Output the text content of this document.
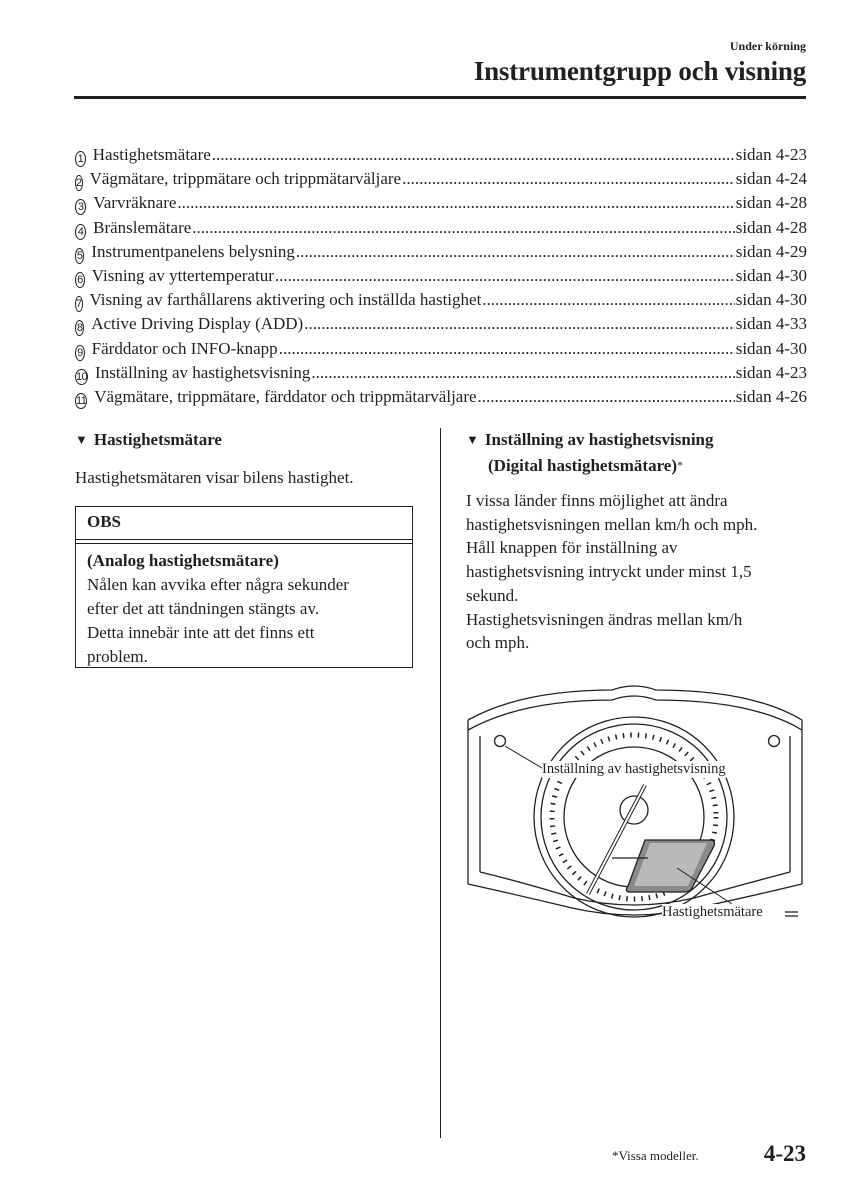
Under körning
Instrumentgrupp och visning
1 Hastighetsmätare .....	sidan 4-23
2 Vägmätare, trippmätare och trippmätarväljare .....	sidan 4-24
3 Varvräknare .....	sidan 4-28
4 Bränslemätare .....	sidan 4-28
5 Instrumentpanelens belysning .....	sidan 4-29
6 Visning av yttertemperatur .....	sidan 4-30
7 Visning av farthållarens aktivering och inställda hastighet .....	sidan 4-30
8 Active Driving Display (ADD) .....	sidan 4-33
9 Färddator och INFO-knapp .....	sidan 4-30
10 Inställning av hastighetsvisning .....	sidan 4-23
11 Vägmätare, trippmätare, färddator och trippmätarväljare .....	sidan 4-26
▼ Hastighetsmätare
Hastighetsmätaren visar bilens hastighet.
OBS
(Analog hastighetsmätare)
Nålen kan avvika efter några sekunder
efter det att tändningen stängts av.
Detta innebär inte att det finns ett
problem.
▼ Inställning av hastighetsvisning
(Digital hastighetsmätare)*
I vissa länder finns möjlighet att ändra
hastighetsvisningen mellan km/h och mph.
Håll knappen för inställning av
hastighetsvisning intryckt under minst 1,5
sekund.
Hastighetsvisningen ändras mellan km/h
och mph.
Inställning av hastighetsvisning
Hastighetsmätare
*Vissa modeller.	4-23
